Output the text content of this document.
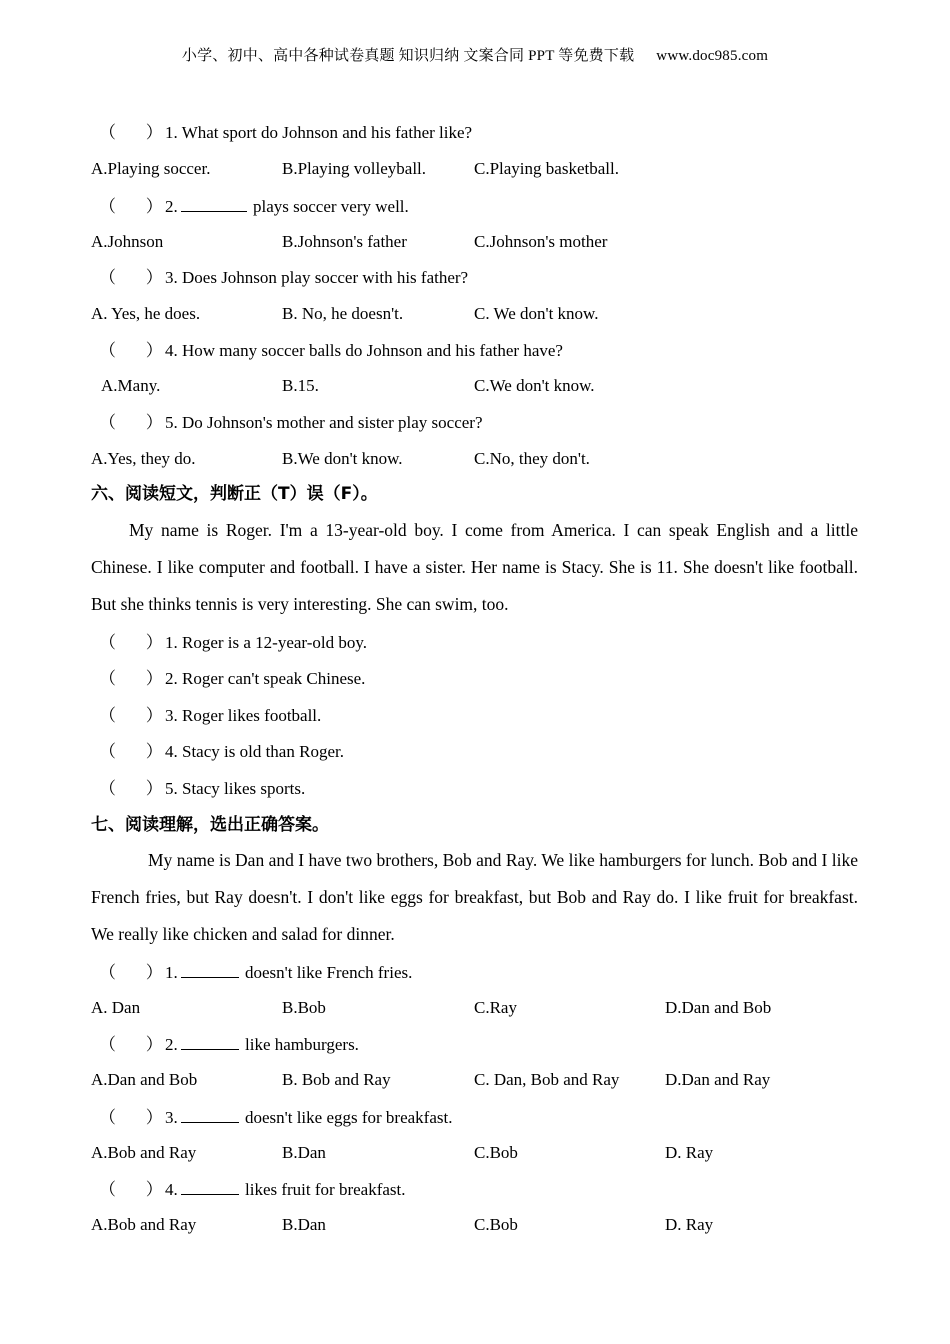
小学、初中、高中各种试卷真题 知识归纳 文案合同 PPT 等免费下载 www.doc985.com
（ ） 1. What sport do Johnson and his father like?
A.Playing soccer.	B.Playing volleyball.	C.Playing basketball.
（ ） 2.	plays soccer very well.
A.Johnson	B.Johnson's father	C.Johnson's mother
（ ） 3. Does Johnson play soccer with his father?
A. Yes, he does.	B. No, he doesn't.	C. We don't know.
（ ） 4. How many soccer balls do Johnson and his father have?
A.Many.	B.15.	C.We don't know.
（ ） 5. Do Johnson's mother and sister play soccer?
A.Yes, they do.	B.We don't know.	C.No, they don't.
六、阅读短文，判断正（T）误（F）。
My name is Roger. I'm a 13-year-old boy. I come from America. I can speak English and a little Chinese. I like computer and football. I have a sister. Her name is Stacy. She is 11. She doesn't like football. But she thinks tennis is very interesting. She can swim, too.
（ ） 1. Roger is a 12-year-old boy.
（ ） 2. Roger can't speak Chinese.
（ ） 3. Roger likes football.
（ ） 4. Stacy is old than Roger.
（ ） 5. Stacy likes sports.
七、阅读理解，选出正确答案。
My name is Dan and I have two brothers, Bob and Ray. We like hamburgers for lunch. Bob and I like French fries, but Ray doesn't. I don't like eggs for breakfast, but Bob and Ray do. I like fruit for breakfast. We really like chicken and salad for dinner.
（ ） 1.	doesn't like French fries.
A. Dan	B.Bob	C.Ray	D.Dan and Bob
（ ） 2.	like hamburgers.
A.Dan and Bob	B. Bob and Ray	C. Dan, Bob and Ray	D.Dan and Ray
（ ） 3.	doesn't like eggs for breakfast.
A.Bob and Ray	B.Dan	C.Bob	D. Ray
（ ） 4.	likes fruit for breakfast.
A.Bob and Ray	B.Dan	C.Bob	D. Ray
